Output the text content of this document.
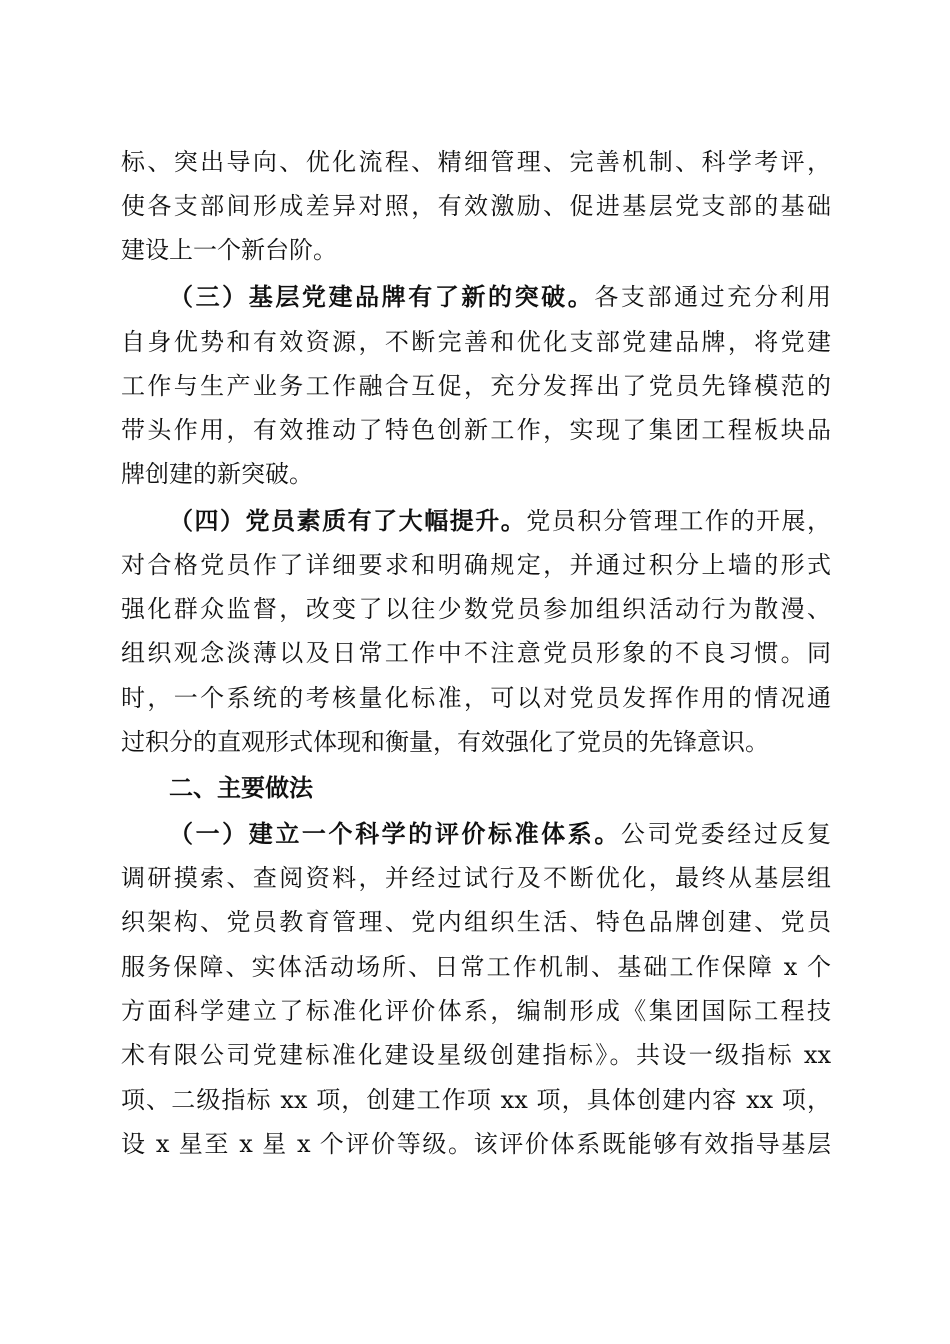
标、突出导向、优化流程、精细管理、完善机制、科学考评，
使各支部间形成差异对照，有效激励、促进基层党支部的基础
建设上一个新台阶。
（三）基层党建品牌有了新的突破。各支部通过充分利用
自身优势和有效资源，不断完善和优化支部党建品牌，将党建
工作与生产业务工作融合互促，充分发挥出了党员先锋模范的
带头作用，有效推动了特色创新工作，实现了集团工程板块品
牌创建的新突破。
（四）党员素质有了大幅提升。党员积分管理工作的开展，
对合格党员作了详细要求和明确规定，并通过积分上墙的形式
强化群众监督，改变了以往少数党员参加组织活动行为散漫、
组织观念淡薄以及日常工作中不注意党员形象的不良习惯。同
时，一个系统的考核量化标准，可以对党员发挥作用的情况通
过积分的直观形式体现和衡量，有效强化了党员的先锋意识。
二、主要做法
（一）建立一个科学的评价标准体系。公司党委经过反复
调研摸索、查阅资料，并经过试行及不断优化，最终从基层组
织架构、党员教育管理、党内组织生活、特色品牌创建、党员
服务保障、实体活动场所、日常工作机制、基础工作保障 x 个
方面科学建立了标准化评价体系，编制形成《集团国际工程技
术有限公司党建标准化建设星级创建指标》。共设一级指标 xx
项、二级指标 xx 项，创建工作项 xx 项，具体创建内容 xx 项，
设 x 星至 x 星 x 个评价等级。该评价体系既能够有效指导基层
